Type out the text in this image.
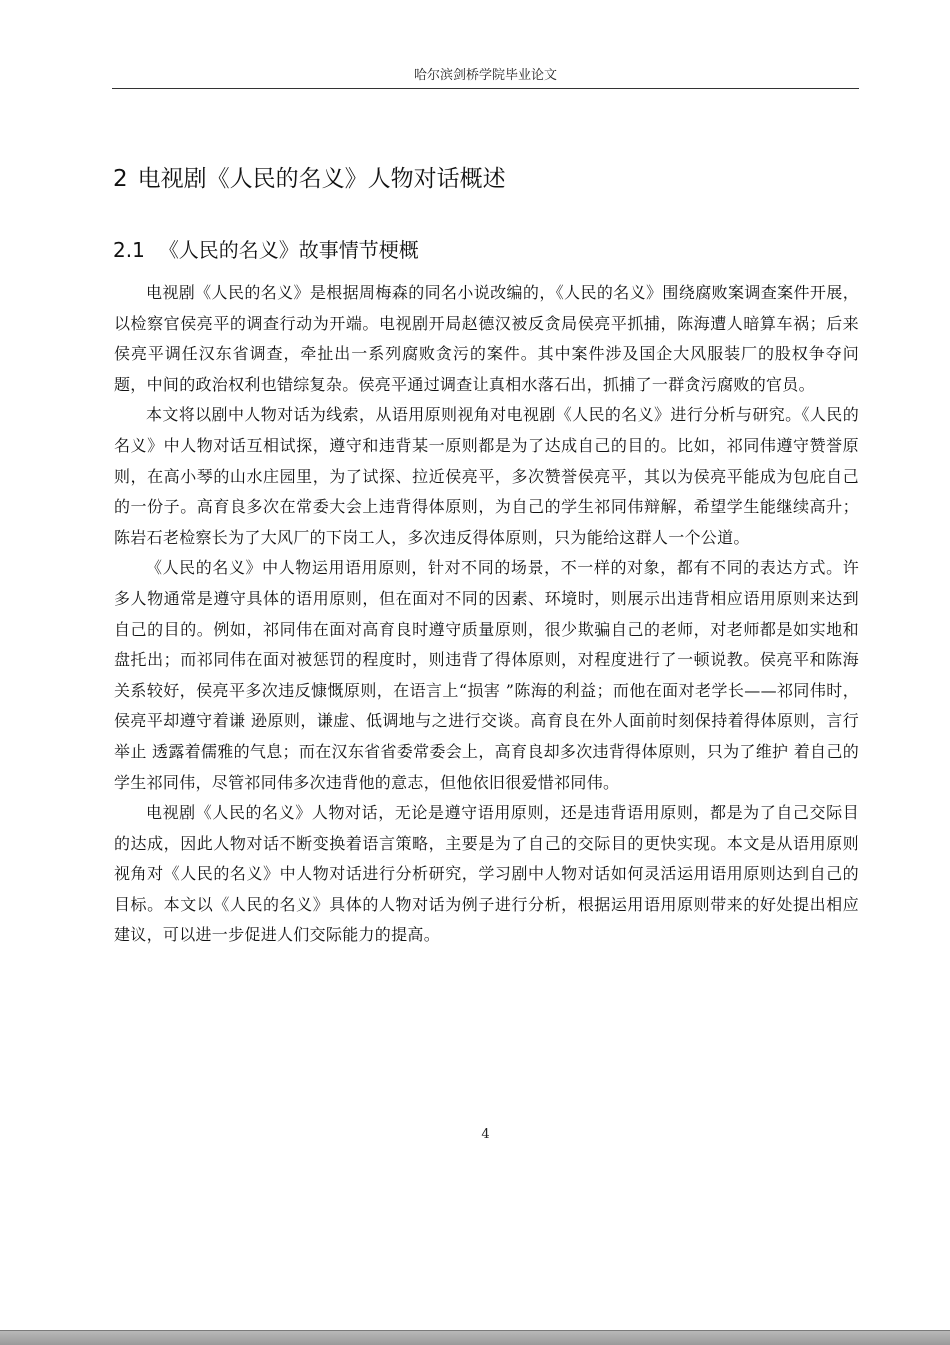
哈尔滨剑桥学院毕业论文
2 电视剧《人民的名义》人物对话概述
2.1 《人民的名义》故事情节梗概

电视剧《人民的名义》是根据周梅森的同名小说改编的，《人民的名义》围绕腐败案调查案件开展，以检察官侯亮平的调查行动为开端。电视剧开局赵德汉被反贪局侯亮平抓捕，陈海遭人暗算车祸；后来侯亮平调任汉东省调查，牵扯出一系列腐败贪污的案件。其中案件涉及国企大风服装厂的股权争夺问题，中间的政治权利也错综复杂。侯亮平通过调查让真相水落石出，抓捕了一群贪污腐败的官员。

本文将以剧中人物对话为线索，从语用原则视角对电视剧《人民的名义》进行分析与研究。《人民的名义》中人物对话互相试探，遵守和违背某一原则都是为了达成自己的目的。比如，祁同伟遵守赞誉原则，在高小琴的山水庄园里，为了试探、拉近侯亮平，多次赞誉侯亮平，其以为侯亮平能成为包庇自己的一份子。高育良多次在常委大会上违背得体原则，为自己的学生祁同伟辩解，希望学生能继续高升；陈岩石老检察长为了大风厂的下岗工人，多次违反得体原则，只为能给这群人一个公道。

《人民的名义》中人物运用语用原则，针对不同的场景，不一样的对象，都有不同的表达方式。许多人物通常是遵守具体的语用原则，但在面对不同的因素、环境时，则展示出违背相应语用原则来达到自己的目的。例如，祁同伟在面对高育良时遵守质量原则，很少欺骗自己的老师，对老师都是如实地和盘托出；而祁同伟在面对被惩罚的程度时，则违背了得体原则，对程度进行了一顿说教。侯亮平和陈海关系较好，侯亮平多次违反慷慨原则，在语言上“损害 ”陈海的利益；而他在面对老学长——祁同伟时，侯亮平却遵守着谦 逊原则，谦虚、低调地与之进行交谈。高育良在外人面前时刻保持着得体原则，言行举止 透露着儒雅的气息；而在汉东省省委常委会上，高育良却多次违背得体原则，只为了维护 着自己的学生祁同伟，尽管祁同伟多次违背他的意志，但他依旧很爱惜祁同伟。

电视剧《人民的名义》人物对话，无论是遵守语用原则，还是违背语用原则，都是为了自己交际目的达成，因此人物对话不断变换着语言策略，主要是为了自己的交际目的更快实现。本文是从语用原则视角对《人民的名义》中人物对话进行分析研究，学习剧中人物对话如何灵活运用语用原则达到自己的目标。本文以《人民的名义》具体的人物对话为例子进行分析，根据运用语用原则带来的好处提出相应建议，可以进一步促进人们交际能力的提高。

4
